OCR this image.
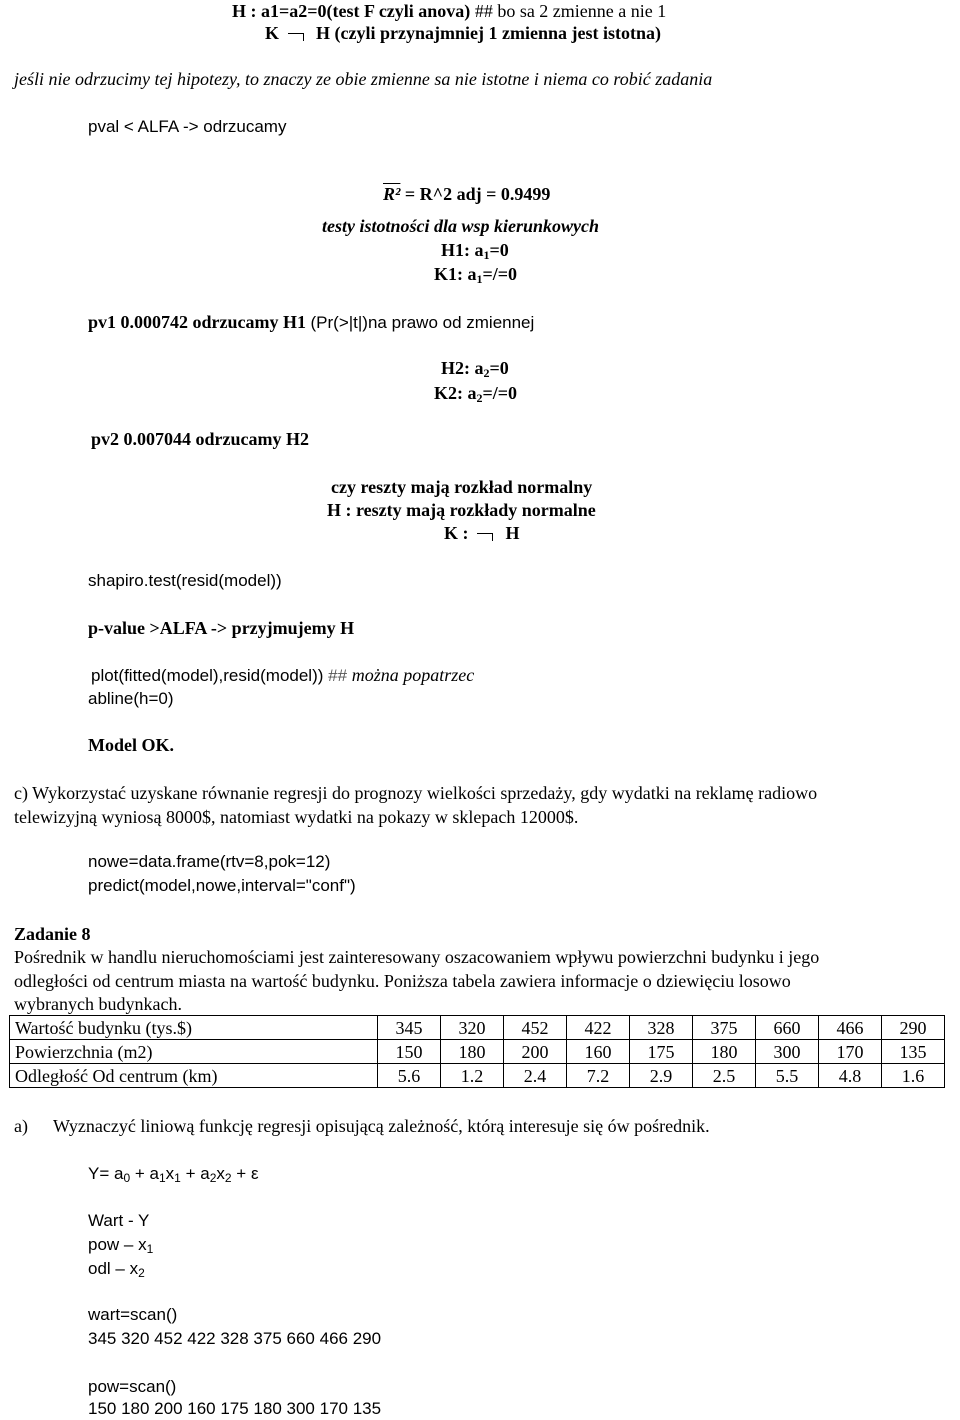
H : a1=a2=0(test F czyli anova) ## bo sa 2 zmienne a nie 1
K H (czyli przynajmniej 1 zmienna jest istotna)
jeśli nie odrzucimy tej hipotezy, to znaczy ze obie zmienne sa nie istotne i niema co robić zadania
pval < ALFA -> odrzucamy
R² = R^2 adj = 0.9499
testy istotności dla wsp kierunkowych
H1: $a_1=0$
K1: $a_1=/=0$
pv1 0.000742 odrzucamy H1 (Pr(>|t|)na prawo od zmiennej
H2: $a_2=0$
K2: $a_2=/=0$
pv2 0.007044 odrzucamy H2
czy reszty mają rozkład normalny
H : reszty mają rozkłady normalne
K : H
shapiro.test(resid(model))
p-value >ALFA -> przyjmujemy H
plot(fitted(model),resid(model)) ## można popatrzec
abline(h=0)
Model OK.
c) Wykorzystać uzyskane równanie regresji do prognozy wielkości sprzedaży, gdy wydatki na reklamę radiowo
telewizyjną wyniosą 8000$, natomiast wydatki na pokazy w sklepach 12000$.
nowe=data.frame(rtv=8,pok=12)
predict(model,nowe,interval="conf")
Zadanie 8
Pośrednik w handlu nieruchomościami jest zainteresowany oszacowaniem wpływu powierzchni budynku i jego
odległości od centrum miasta na wartość budynku. Poniższa tabela zawiera informacje o dziewięciu losowo
wybranych budynkach.
Wartość budynku (tys.$)	345	320	452	422	328	375	660	466	290
Powierzchnia (m2)	150	180	200	160	175	180	300	170	135
Odległość Od centrum (km)	5.6	1.2	2.4	7.2	2.9	2.5	5.5	4.8	1.6
a) Wyznaczyć liniową funkcję regresji opisującą zależność, którą interesuje się ów pośrednik.
$Y= a_0 + a_1x_1 + a_2x_2 + \varepsilon$
Wart - Y
pow – $x_1$
odl – $x_2$
wart=scan()
345 320 452 422 328 375 660 466 290
pow=scan()
150 180 200 160 175 180 300 170 135
